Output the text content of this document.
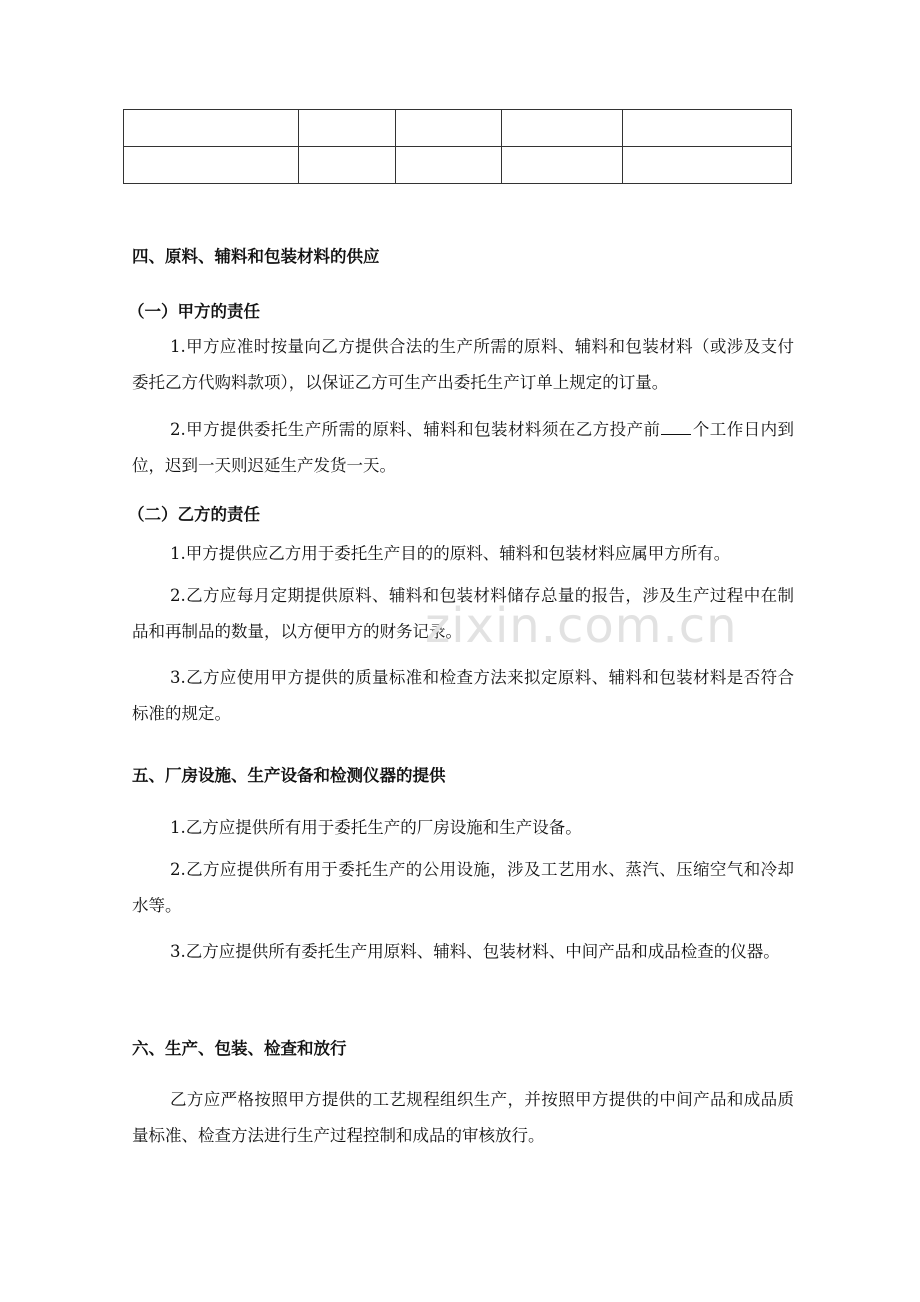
四、原料、辅料和包装材料的供应
（一）甲方的责任
1.甲方应准时按量向乙方提供合法的生产所需的原料、辅料和包装材料（或涉及支付委托乙方代购料款项），以保证乙方可生产出委托生产订单上规定的订量。
2.甲方提供委托生产所需的原料、辅料和包装材料须在乙方投产前 个工作日内到位，迟到一天则迟延生产发货一天。
（二）乙方的责任
1.甲方提供应乙方用于委托生产目的的原料、辅料和包装材料应属甲方所有。
2.乙方应每月定期提供原料、辅料和包装材料储存总量的报告，涉及生产过程中在制品和再制品的数量，以方便甲方的财务记录。
3.乙方应使用甲方提供的质量标准和检查方法来拟定原料、辅料和包装材料是否符合标准的规定。
五、厂房设施、生产设备和检测仪器的提供
1.乙方应提供所有用于委托生产的厂房设施和生产设备。
2.乙方应提供所有用于委托生产的公用设施，涉及工艺用水、蒸汽、压缩空气和冷却水等。
3.乙方应提供所有委托生产用原料、辅料、包装材料、中间产品和成品检查的仪器。
六、生产、包装、检查和放行
乙方应严格按照甲方提供的工艺规程组织生产，并按照甲方提供的中间产品和成品质量标准、检查方法进行生产过程控制和成品的审核放行。
zixin.com.cn
